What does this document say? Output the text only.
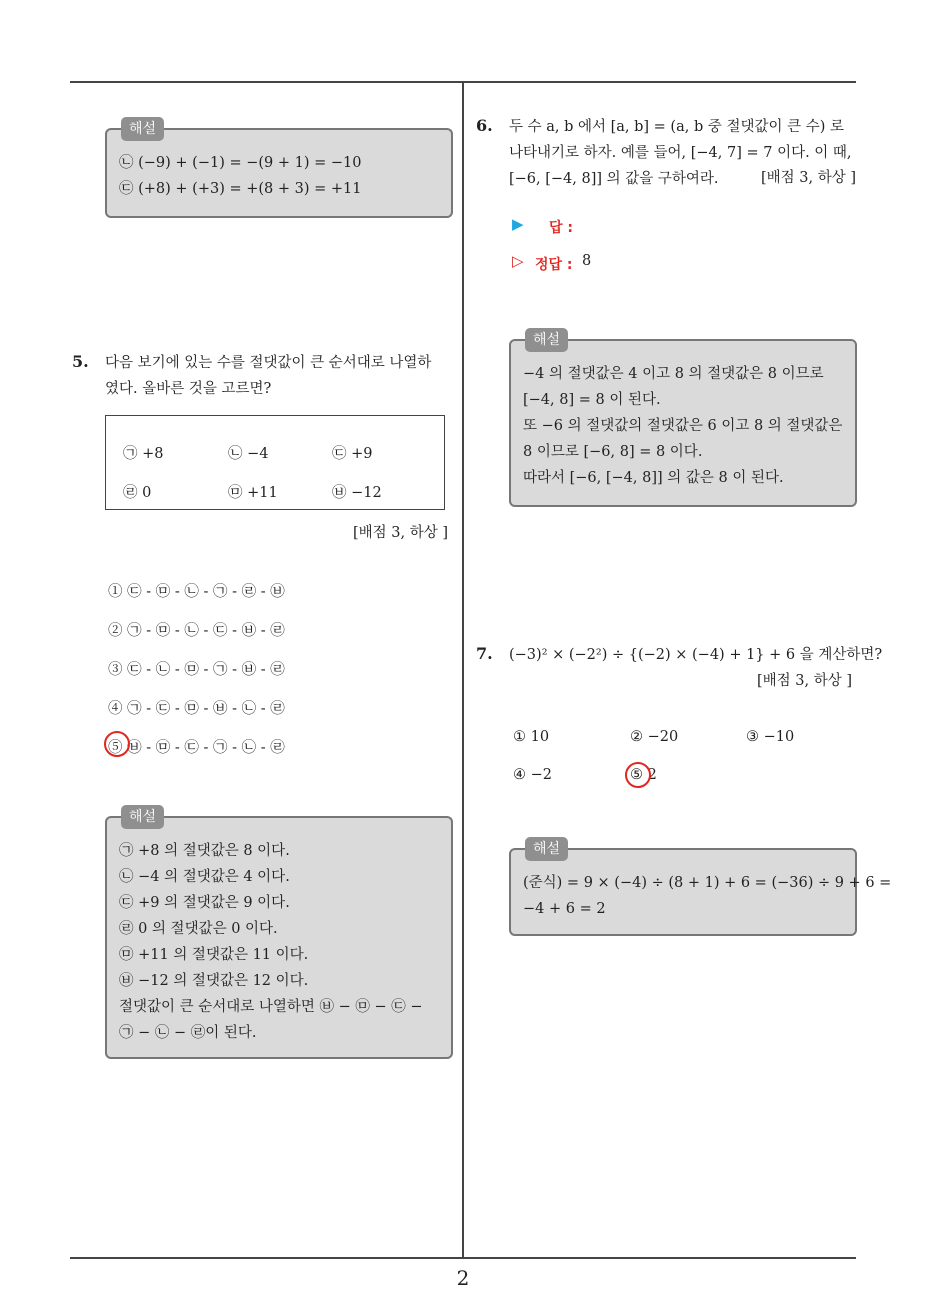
2
해설
㉡ (−9) + (−1) = −(9 + 1) = −10
㉢ (+8) + (+3) = +(8 + 3) = +11
5. 다음 보기에 있는 수를 절댓값이 큰 순서대로 나열하
였다. 올바른 것을 고르면?
㉠ +8	㉡ −4	㉢ +9
㉣ 0	㉤ +11	㉥ −12
[배점 3, 하상 ]
① ㉢ - ㉤ - ㉡ - ㉠ - ㉣ - ㉥
② ㉠ - ㉤ - ㉡ - ㉢ - ㉥ - ㉣
③ ㉢ - ㉡ - ㉤ - ㉠ - ㉥ - ㉣
④ ㉠ - ㉢ - ㉤ - ㉥ - ㉡ - ㉣
⑤ ㉥ - ㉤ - ㉢ - ㉠ - ㉡ - ㉣
해설
㉠ +8 의 절댓값은 8 이다.
㉡ −4 의 절댓값은 4 이다.
㉢ +9 의 절댓값은 9 이다.
㉣ 0 의 절댓값은 0 이다.
㉤ +11 의 절댓값은 11 이다.
㉥ −12 의 절댓값은 12 이다.
절댓값이 큰 순서대로 나열하면 ㉥ − ㉤ − ㉢ −
㉠ − ㉡ − ㉣이 된다.
6. 두 수 a, b 에서 [a, b] = (a, b 중 절댓값이 큰 수) 로
나타내기로 하자. 예를 들어, [−4, 7] = 7 이다. 이 때,
[−6, [−4, 8]] 의 값을 구하여라.	[배점 3, 하상 ]
▶ 답 :
▷ 정답 : 8
해설
−4 의 절댓값은 4 이고 8 의 절댓값은 8 이므로
[−4, 8] = 8 이 된다.
또 −6 의 절댓값의 절댓값은 6 이고 8 의 절댓값은
8 이므로 [−6, 8] = 8 이다.
따라서 [−6, [−4, 8]] 의 값은 8 이 된다.
7. (−3)² × (−2²) ÷ {(−2) × (−4) + 1} + 6 을 계산하면?
[배점 3, 하상 ]
① 10	② −20	③ −10
④ −2	⑤ 2
해설
(준식) = 9 × (−4) ÷ (8 + 1) + 6 = (−36) ÷ 9 + 6 =
−4 + 6 = 2
